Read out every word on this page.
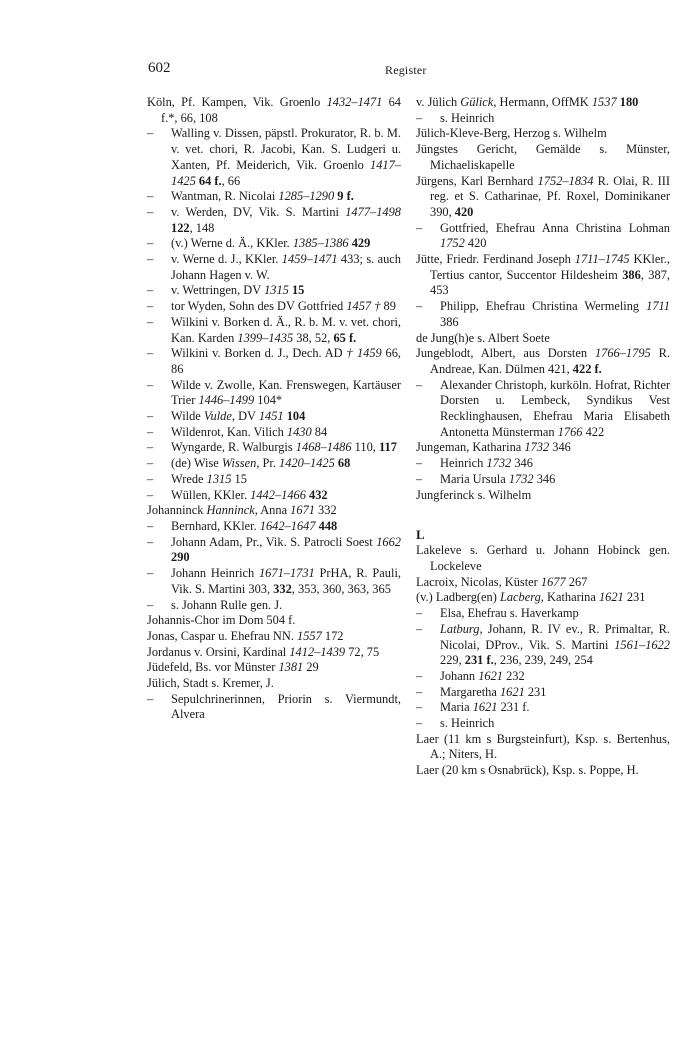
602	Register
Köln, Pf. Kampen, Vik. Groenlo 1432–1471 64 f.*, 66, 108
– Walling v. Dissen, päpstl. Prokurator, R. b. M. v. vet. chori, R. Jacobi, Kan. S. Ludgeri u. Xanten, Pf. Meiderich, Vik. Groenlo 1417–1425 64 f., 66
– Wantman, R. Nicolai 1285–1290 9 f.
– v. Werden, DV, Vik. S. Martini 1477–1498 122, 148
– (v.) Werne d. Ä., KKler. 1385–1386 429
– v. Werne d. J., KKler. 1459–1471 433; s. auch Johann Hagen v. W.
– v. Wettringen, DV 1315 15
– tor Wyden, Sohn des DV Gottfried 1457 † 89
– Wilkini v. Borken d. Ä., R. b. M. v. vet. chori, Kan. Karden 1399–1435 38, 52, 65 f.
– Wilkini v. Borken d. J., Dech. AD † 1459 66, 86
– Wilde v. Zwolle, Kan. Frenswegen, Kartäuser Trier 1446–1499 104*
– Wilde Vulde, DV 1451 104
– Wildenrot, Kan. Vilich 1430 84
– Wyngarde, R. Walburgis 1468–1486 110, 117
– (de) Wise Wissen, Pr. 1420–1425 68
– Wrede 1315 15
– Wüllen, KKler. 1442–1466 432
Johanninck Hanninck, Anna 1671 332
– Bernhard, KKler. 1642–1647 448
– Johann Adam, Pr., Vik. S. Patrocli Soest 1662 290
– Johann Heinrich 1671–1731 PrHA, R. Pauli, Vik. S. Martini 303, 332, 353, 360, 363, 365
– s. Johann Rulle gen. J.
Johannis-Chor im Dom 504 f.
Jonas, Caspar u. Ehefrau NN. 1557 172
Jordanus v. Orsini, Kardinal 1412–1439 72, 75
Jüdefeld, Bs. vor Münster 1381 29
Jülich, Stadt s. Kremer, J.
– Sepulchrinerinnen, Priorin s. Viermundt, Alvera
v. Jülich Gülick, Hermann, OffMK 1537 180
– s. Heinrich
Jülich-Kleve-Berg, Herzog s. Wilhelm
Jüngstes Gericht, Gemälde s. Münster, Michaeliskapelle
Jürgens, Karl Bernhard 1752–1834 R. Olai, R. III reg. et S. Catharinae, Pf. Roxel, Dominikaner 390, 420
– Gottfried, Ehefrau Anna Christina Lohman 1752 420
Jütte, Friedr. Ferdinand Joseph 1711–1745 KKler., Tertius cantor, Succentor Hildesheim 386, 387, 453
– Philipp, Ehefrau Christina Wermeling 1711 386
de Jung(h)e s. Albert Soete
Jungeblodt, Albert, aus Dorsten 1766–1795 R. Andreae, Kan. Dülmen 421, 422 f.
– Alexander Christoph, kurköln. Hofrat, Richter Dorsten u. Lembeck, Syndikus Vest Recklinghausen, Ehefrau Maria Elisabeth Antonetta Münsterman 1766 422
Jungeman, Katharina 1732 346
– Heinrich 1732 346
– Maria Ursula 1732 346
Jungferinck s. Wilhelm
L
Lakeleve s. Gerhard u. Johann Hobinck gen. Lockeleve
Lacroix, Nicolas, Küster 1677 267
(v.) Ladberg(en) Lacberg, Katharina 1621 231
– Elsa, Ehefrau s. Haverkamp
– Latburg, Johann, R. IV ev., R. Primaltar, R. Nicolai, DProv., Vik. S. Martini 1561–1622 229, 231 f., 236, 239, 249, 254
– Johann 1621 232
– Margaretha 1621 231
– Maria 1621 231 f.
– s. Heinrich
Laer (11 km s Burgsteinfurt), Ksp. s. Bertenhus, A.; Niters, H.
Laer (20 km s Osnabrück), Ksp. s. Poppe, H.
